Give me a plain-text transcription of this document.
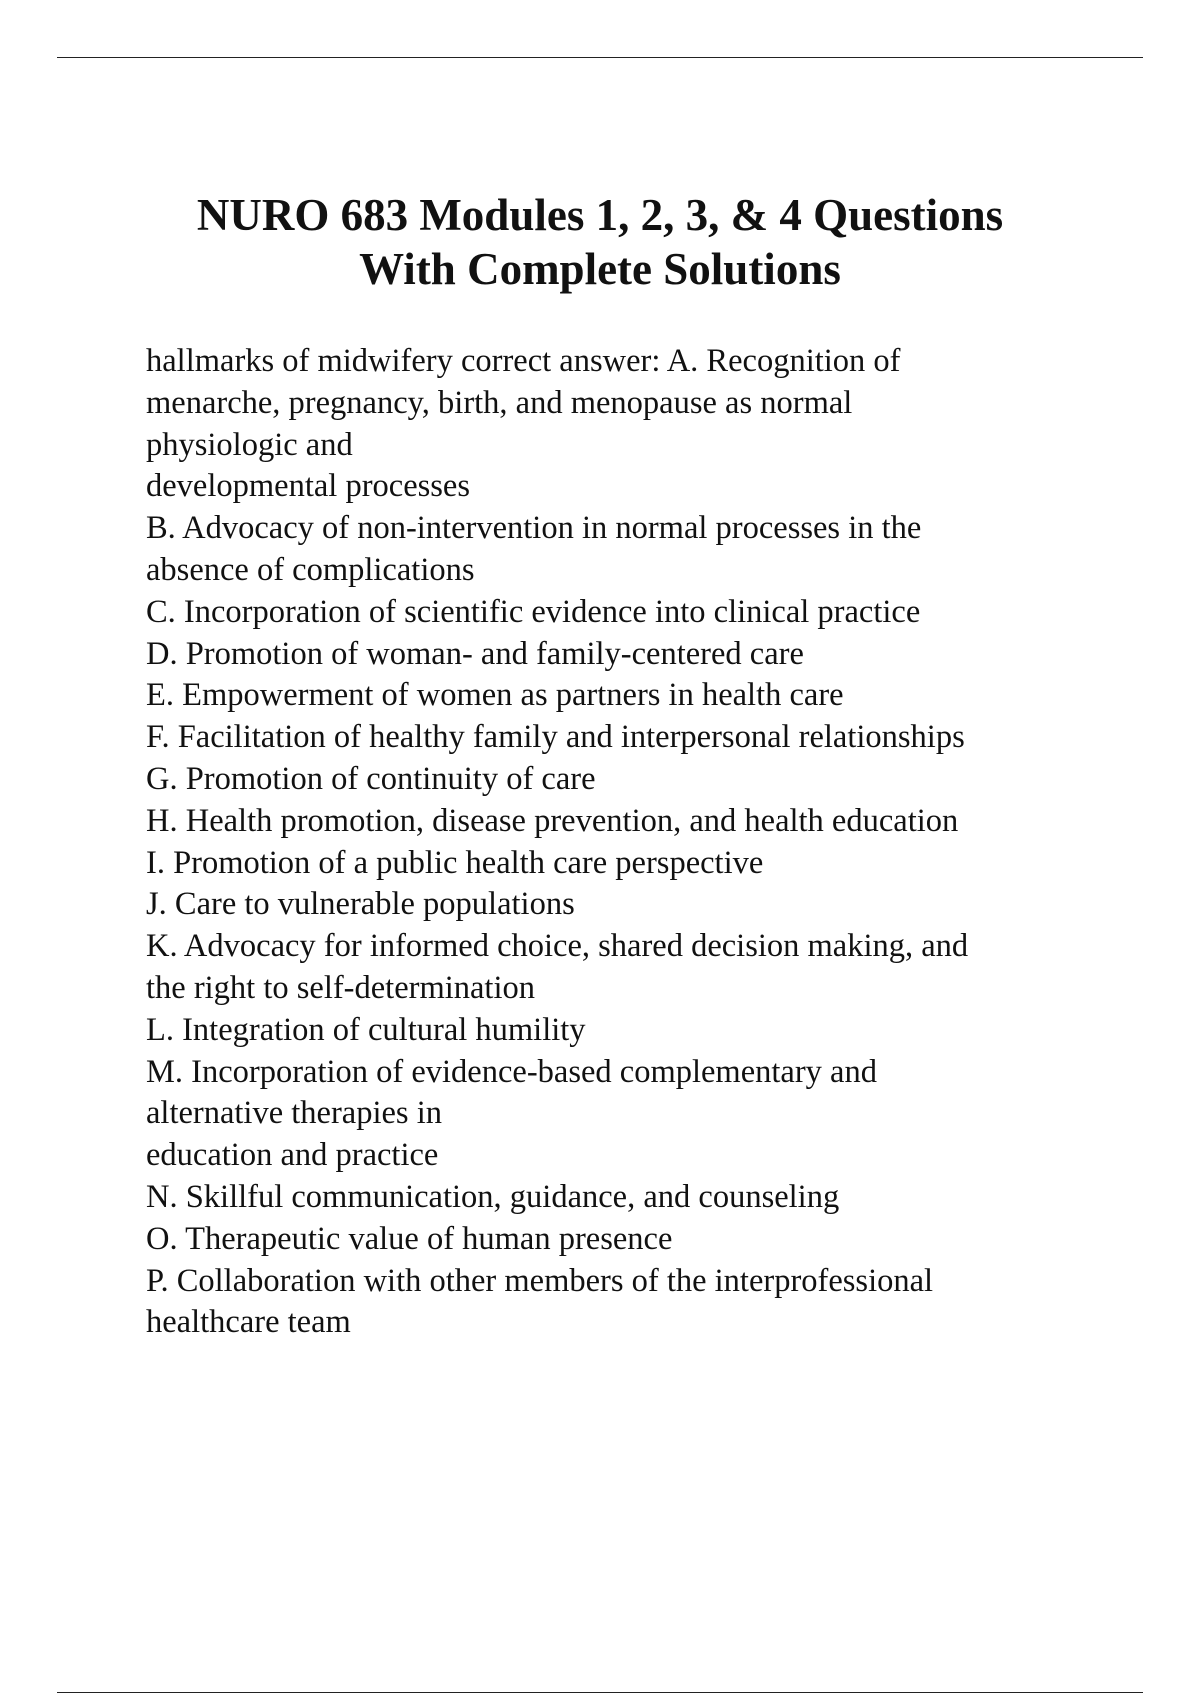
NURO 683 Modules 1, 2, 3, & 4 Questions
With Complete Solutions
hallmarks of midwifery correct answer: A. Recognition of
menarche, pregnancy, birth, and menopause as normal
physiologic and
developmental processes
B. Advocacy of non-intervention in normal processes in the
absence of complications
C. Incorporation of scientific evidence into clinical practice
D. Promotion of woman- and family-centered care
E. Empowerment of women as partners in health care
F. Facilitation of healthy family and interpersonal relationships
G. Promotion of continuity of care
H. Health promotion, disease prevention, and health education
I. Promotion of a public health care perspective
J. Care to vulnerable populations
K. Advocacy for informed choice, shared decision making, and
the right to self-determination
L. Integration of cultural humility
M. Incorporation of evidence-based complementary and
alternative therapies in
education and practice
N. Skillful communication, guidance, and counseling
O. Therapeutic value of human presence
P. Collaboration with other members of the interprofessional
healthcare team
